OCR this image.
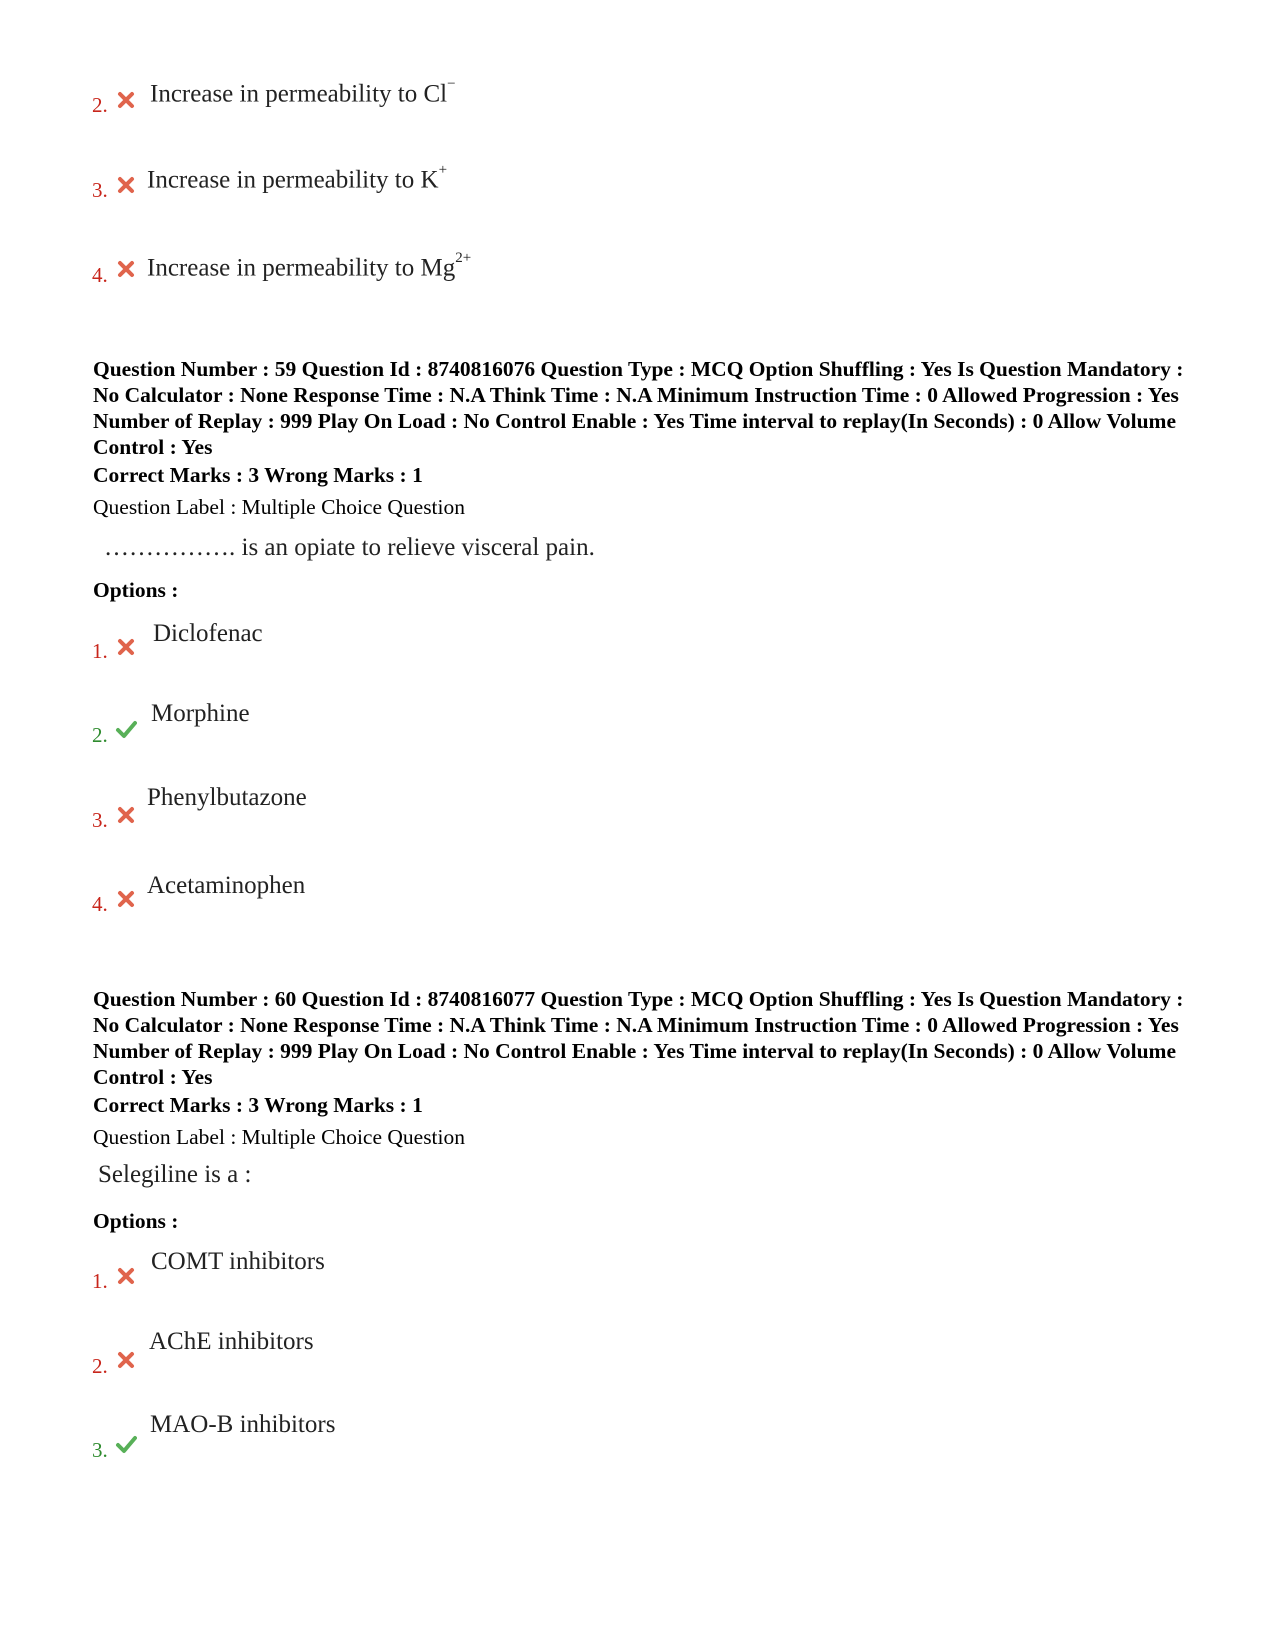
2. Increase in permeability to Cl−
3. Increase in permeability to K+
4. Increase in permeability to $Mg^{2+}$
Question Number : 59 Question Id : 8740816076 Question Type : MCQ Option Shuffling : Yes Is Question Mandatory : No Calculator : None Response Time : N.A Think Time : N.A Minimum Instruction Time : 0 Allowed Progression : Yes Number of Replay : 999 Play On Load : No Control Enable : Yes Time interval to replay(In Seconds) : 0 Allow Volume Control : Yes
Correct Marks : 3 Wrong Marks : 1
Question Label : Multiple Choice Question
……………. is an opiate to relieve visceral pain.
Options :
1.
Diclofenac
2.
Morphine
3.
Phenylbutazone
4.
Acetaminophen
Question Number : 60 Question Id : 8740816077 Question Type : MCQ Option Shuffling : Yes Is Question Mandatory : No Calculator : None Response Time : N.A Think Time : N.A Minimum Instruction Time : 0 Allowed Progression : Yes Number of Replay : 999 Play On Load : No Control Enable : Yes Time interval to replay(In Seconds) : 0 Allow Volume Control : Yes
Correct Marks : 3 Wrong Marks : 1
Question Label : Multiple Choice Question
Selegiline is a :
Options :
1.
COMT inhibitors
2.
AChE inhibitors
3.
MAO-B inhibitors
